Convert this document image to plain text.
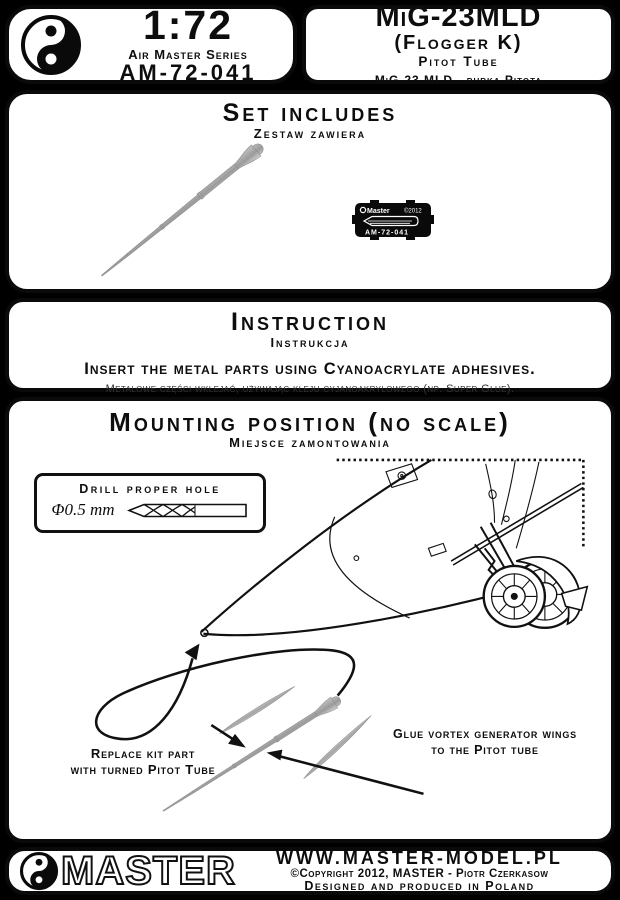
1:72
Air Master Series
AM-72-041
MiG-23MLD
(Flogger K)
Pitot Tube
MiG-23 MLD - rurka Pitota
Set includes
Zestaw zawiera
Master ©2012
AM-72-041
Instruction
Instrukcja
Insert the metal parts using Cyanoacrylate adhesives.
Metalowe części wklejać, używając kleju cyjanoakrylowego (np. Super Glue).
Mounting position (no scale)
Miejsce zamontowania
Drill proper hole
Φ0.5 mm
Replace kit part
with turned Pitot Tube
Glue vortex generator wings
to the Pitot tube
MASTER	WWW.MASTER-MODEL.PL
©Copyright 2012, MASTER - Piotr Czerkasow
Designed and produced in Poland
